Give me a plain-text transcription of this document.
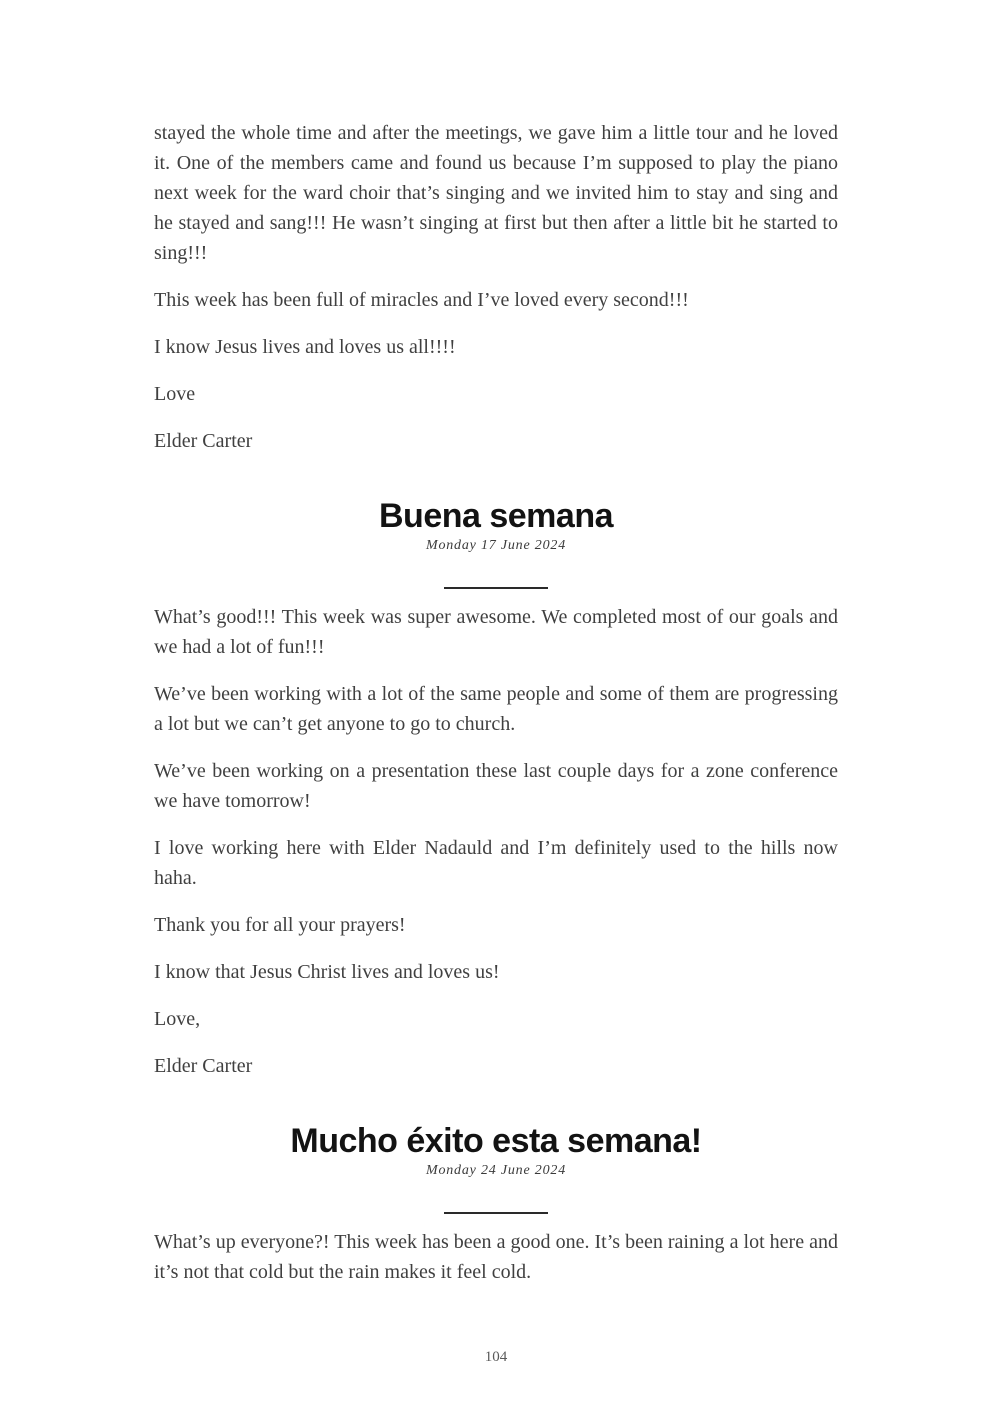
stayed the whole time and after the meetings, we gave him a little tour and he loved it. One of the members came and found us because I’m supposed to play the piano next week for the ward choir that’s singing and we invited him to stay and sing and he stayed and sang!!! He wasn’t singing at first but then after a little bit he started to sing!!!

This week has been full of miracles and I’ve loved every second!!!

I know Jesus lives and loves us all!!!!

Love

Elder Carter

Buena semana
Monday 17 June 2024

What’s good!!! This week was super awesome. We completed most of our goals and we had a lot of fun!!!

We’ve been working with a lot of the same people and some of them are progressing a lot but we can’t get anyone to go to church.

We’ve been working on a presentation these last couple days for a zone conference we have tomorrow!

I love working here with Elder Nadauld and I’m definitely used to the hills now haha.

Thank you for all your prayers!

I know that Jesus Christ lives and loves us!

Love,

Elder Carter

Mucho éxito esta semana!
Monday 24 June 2024

What’s up everyone?! This week has been a good one. It’s been raining a lot here and it’s not that cold but the rain makes it feel cold.

104
